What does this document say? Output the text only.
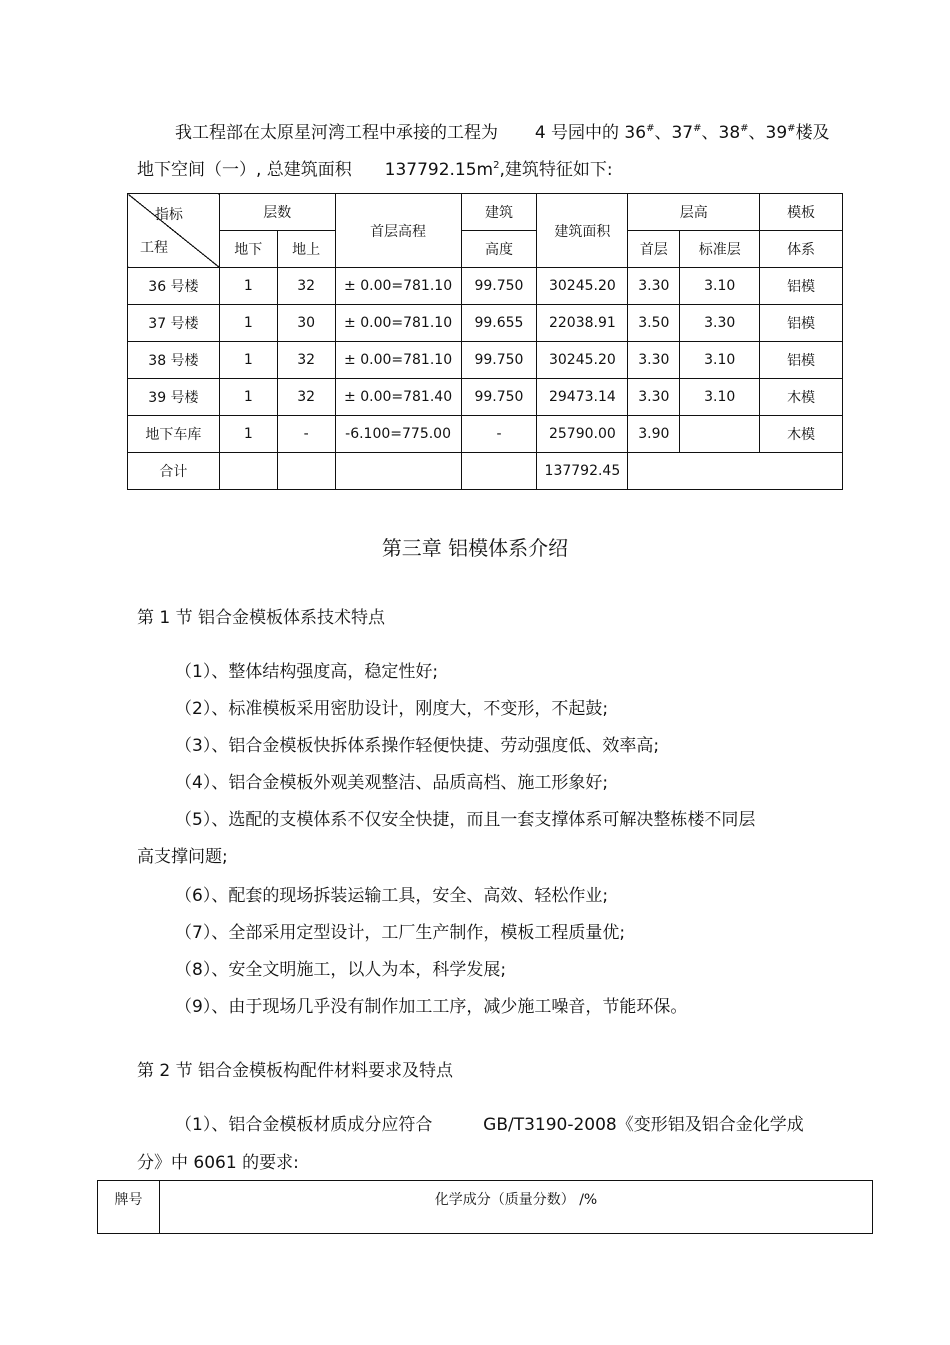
我工程部在太原星河湾工程中承接的工程为 4 号园中的 36#、37#、38#、39#楼及
地下空间（一）, 总建筑面积 $137792.15m^2$,建筑特征如下:
指标
工程	层数		首层高程	建筑	建筑面积	层高		模板
	地下	地上		高度		首层	标准层	体系
36 号楼	1	32	± 0.00=781.10	99.750	30245.20	3.30	3.10	铝模
37 号楼	1	30	± 0.00=781.10	99.655	22038.91	3.50	3.30	铝模
38 号楼	1	32	± 0.00=781.10	99.750	30245.20	3.30	3.10	铝模
39 号楼	1	32	± 0.00=781.40	99.750	29473.14	3.30	3.10	木模
地下车库	1	-	-6.100=775.00	-	25790.00	3.90		木模
合计					137792.45			
第三章 铝模体系介绍
第 1 节 铝合金模板体系技术特点
（1）、整体结构强度高，稳定性好;
（2）、标准模板采用密肋设计，刚度大，不变形，不起鼓;
（3）、铝合金模板快拆体系操作轻便快捷、劳动强度低、效率高;
（4）、铝合金模板外观美观整洁、品质高档、施工形象好;
（5）、选配的支模体系不仅安全快捷，而且一套支撑体系可解决整栋楼不同层
高支撑问题;
（6）、配套的现场拆装运输工具，安全、高效、轻松作业;
（7）、全部采用定型设计，工厂生产制作，模板工程质量优;
（8）、安全文明施工，以人为本，科学发展;
（9）、由于现场几乎没有制作加工工序，减少施工噪音，节能环保。
第 2 节 铝合金模板构配件材料要求及特点
（1）、铝合金模板材质成分应符合	GB/T3190-2008《变形铝及铝合金化学成
分》中 6061 的要求:
牌号	化学成分（质量分数） /%
